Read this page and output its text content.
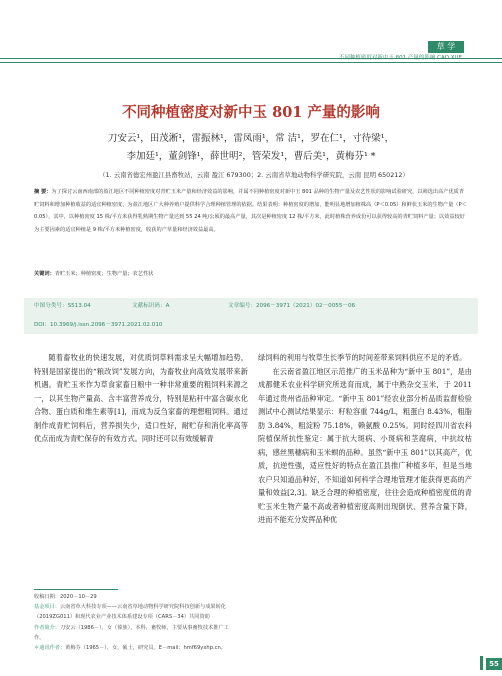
草 学
不同种植密度对新中玉 801 产量的影响 CAO XUE
不同种植密度对新中玉 801 产量的影响
刀安云¹，田茂淅¹，雷振林¹，雷凤雨¹，常 洁¹，罗在仁¹，寸待梁¹，
李加廷¹，董剑锋¹，薛世明²，管荣发¹，曹后美¹，黄梅芬¹ *
（1. 云南省德宏州盈江县畜牧站，云南 盈江 679300；2. 云南省草地动物科学研究院，云南 昆明 650212）
摘 要：为了探讨云南西南部的盈江地区不同种植密度对青贮玉米产量和经济效益的影响，并属不同种植密度对新中玉 801 品种的生物产量及农艺性状的影响试验研究，以筛选出高产优质青贮饲料和增加种植收益的适宜种植密度，为盈江地区广大种养殖户提供科学合理种植管理的依据。结果表明：种植密度的增加，能明显地增加植株高（P＜0.05）和鲜状玉米的生物产量（P＜0.05），其中，以种植密度 15 株/平方米获得乳熟期生物产量达到 55 24 吨/公顷的最高产量，其次是种植密度 12 株/平方米，此时植株营养成份可以获得较高的青贮饲料产量；以效益较好为主要因素的适宜种植是 9 株/平方米种植密度，收获的产草量和经济效益最高。
关键词：青贮玉米；种植密度；生物产量；农艺性状
中图分类号：S513.04	文献标识码：A	文章编号：2096－3971（2021）02－0055－06
DOI：10.3969/j.issn.2096－3971.2021.02.010

随着畜牧业的快速发展，对优质饲草料需求呈大幅增加趋势，特别是国家提出的“粮改饲”发展方向，为畜牧业向高效发展带来新机遇。青贮玉米作为草食家畜日粮中一种非常重要的粗饲料来源之一，以其生物产量高、含丰富营养成分，特别是粘秆中富含碳水化合物、蛋白质和维生素等[1]，而成为反刍家畜的理想粗饲料。通过制作成青贮饲料后，营养损失少，适口性好，耐贮存和消化率高等优点而成为青贮保存的有效方式。同时还可以有效缓解青

绿饲料的利用与牧草生长季节的时间差带来饲料供应不足的矛盾。

在云南省盈江地区示范推广的玉米品种为“新中玉 801”，是由成都健禾农业科学研究所选育而成，属于中熟杂交玉米，于 2011 年通过贵州省品种审定。“新中玉 801”经农业部分析品质监督检验测试中心测试结果显示：籽粒容重 744g/L，粗蛋白 8.43%，粗脂肪 3.84%，粗淀粉 75.18%，赖氨酸 0.25%。同时经四川省农科院植保所抗性鉴定：属于抗大斑病、小斑病和茎腐病，中抗纹枯病，感丝黑穗病和玉米螟的品种。虽然“新中玉 801”以其高产，优质，抗逆性强，适应性好的特点在盈江县推广种植多年，但是当地农户只知道品种好，不知道如何科学合理地管理才能获得更高的产量和效益[2,3]。缺乏合理的种植密度，往往会造成种植密度低的青贮玉米生物产量不高或者种植密度高则出现倒伏、营养含量下降，进而不能充分发挥品种优

收稿日期：2020－10－29
基金项目：云南省草大科技专项——云南省草地动物科学研究院科技创新与成果转化（2019ZG011）和现代农业产业技术体系建设专项（CARS－34）共同资助
作者简介：刀安云（1986－），女（傣族），本科，畜牧师，主要从事畜牧技术推广工作。
＊通讯作者：黄梅芬（1965－），女，硕士，研究员。E－mail：hmf69yxhp.cn。
55
